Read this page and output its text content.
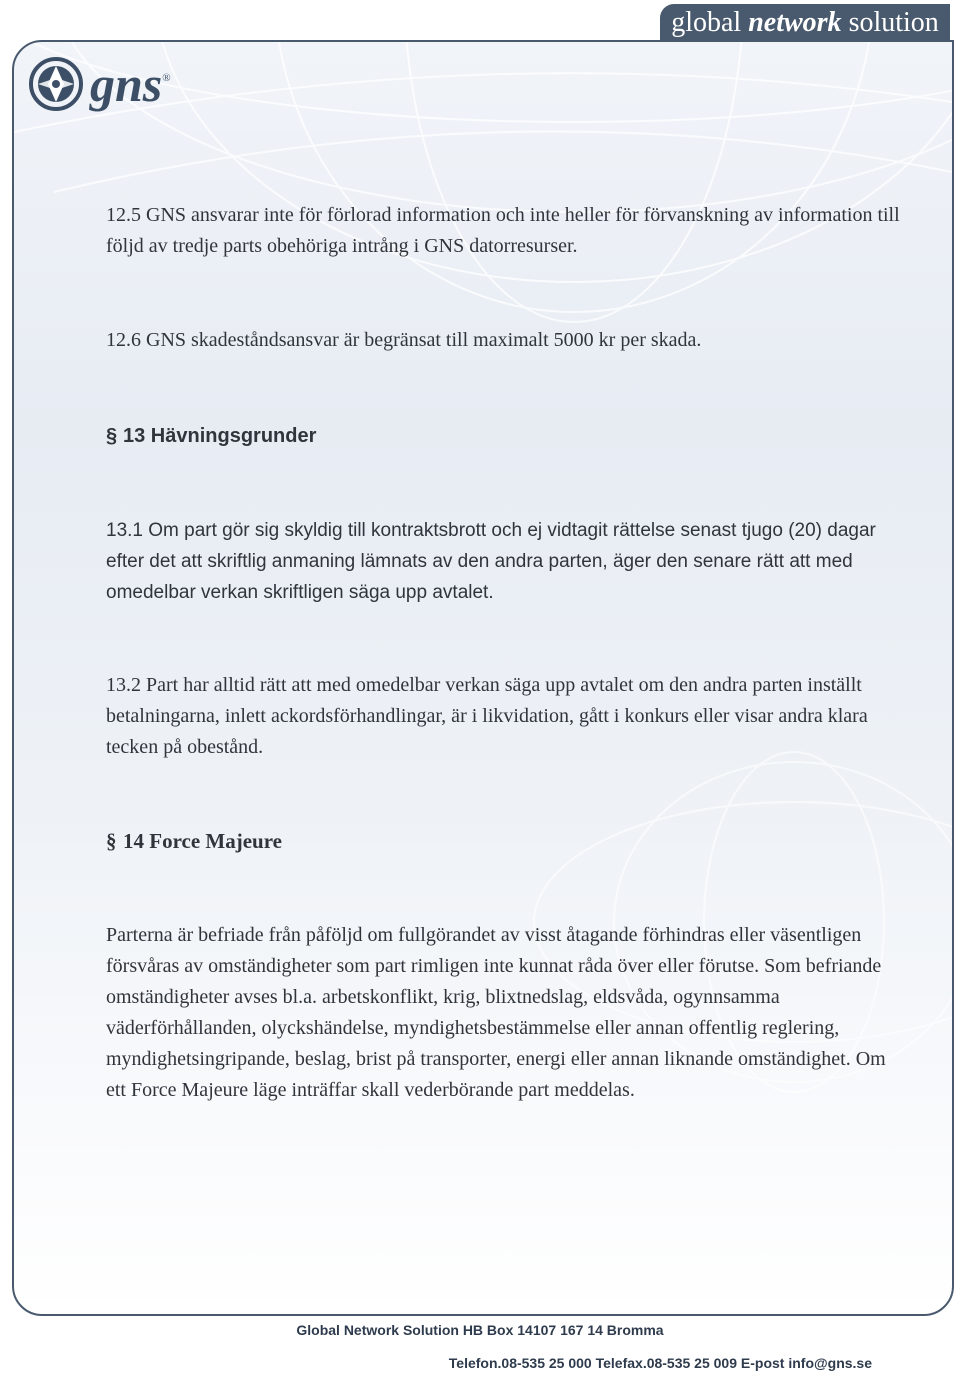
global network solution
gns ®

12.5 GNS ansvarar inte för förlorad information och inte heller för förvanskning av information till följd av tredje parts obehöriga intrång i GNS datorresurser.

12.6 GNS skadeståndsansvar är begränsat till maximalt 5000 kr per skada.

§ 13 Hävningsgrunder

13.1 Om part gör sig skyldig till kontraktsbrott och ej vidtagit rättelse senast tjugo (20) dagar efter det att skriftlig anmaning lämnats av den andra parten, äger den senare rätt att med omedelbar verkan skriftligen säga upp avtalet.

13.2 Part har alltid rätt att med omedelbar verkan säga upp avtalet om den andra parten inställt betalningarna, inlett ackordsförhandlingar, är i likvidation, gått i konkurs eller visar andra klara tecken på obestånd.

§ 14 Force Majeure

Parterna är befriade från påföljd om fullgörandet av visst åtagande förhindras eller väsentligen försvåras av omständigheter som part rimligen inte kunnat råda över eller förutse. Som befriande omständigheter avses bl.a. arbetskonflikt, krig, blixtnedslag, eldsvåda, ogynnsamma väderförhållanden, olyckshändelse, myndighetsbestämmelse eller annan offentlig reglering, myndighetsingripande, beslag, brist på transporter, energi eller annan liknande omständighet. Om ett Force Majeure läge inträffar skall vederbörande part meddelas.

Global Network Solution HB Box 14107 167 14 Bromma
Telefon.08-535 25 000 Telefax.08-535 25 009 E-post info@gns.se
